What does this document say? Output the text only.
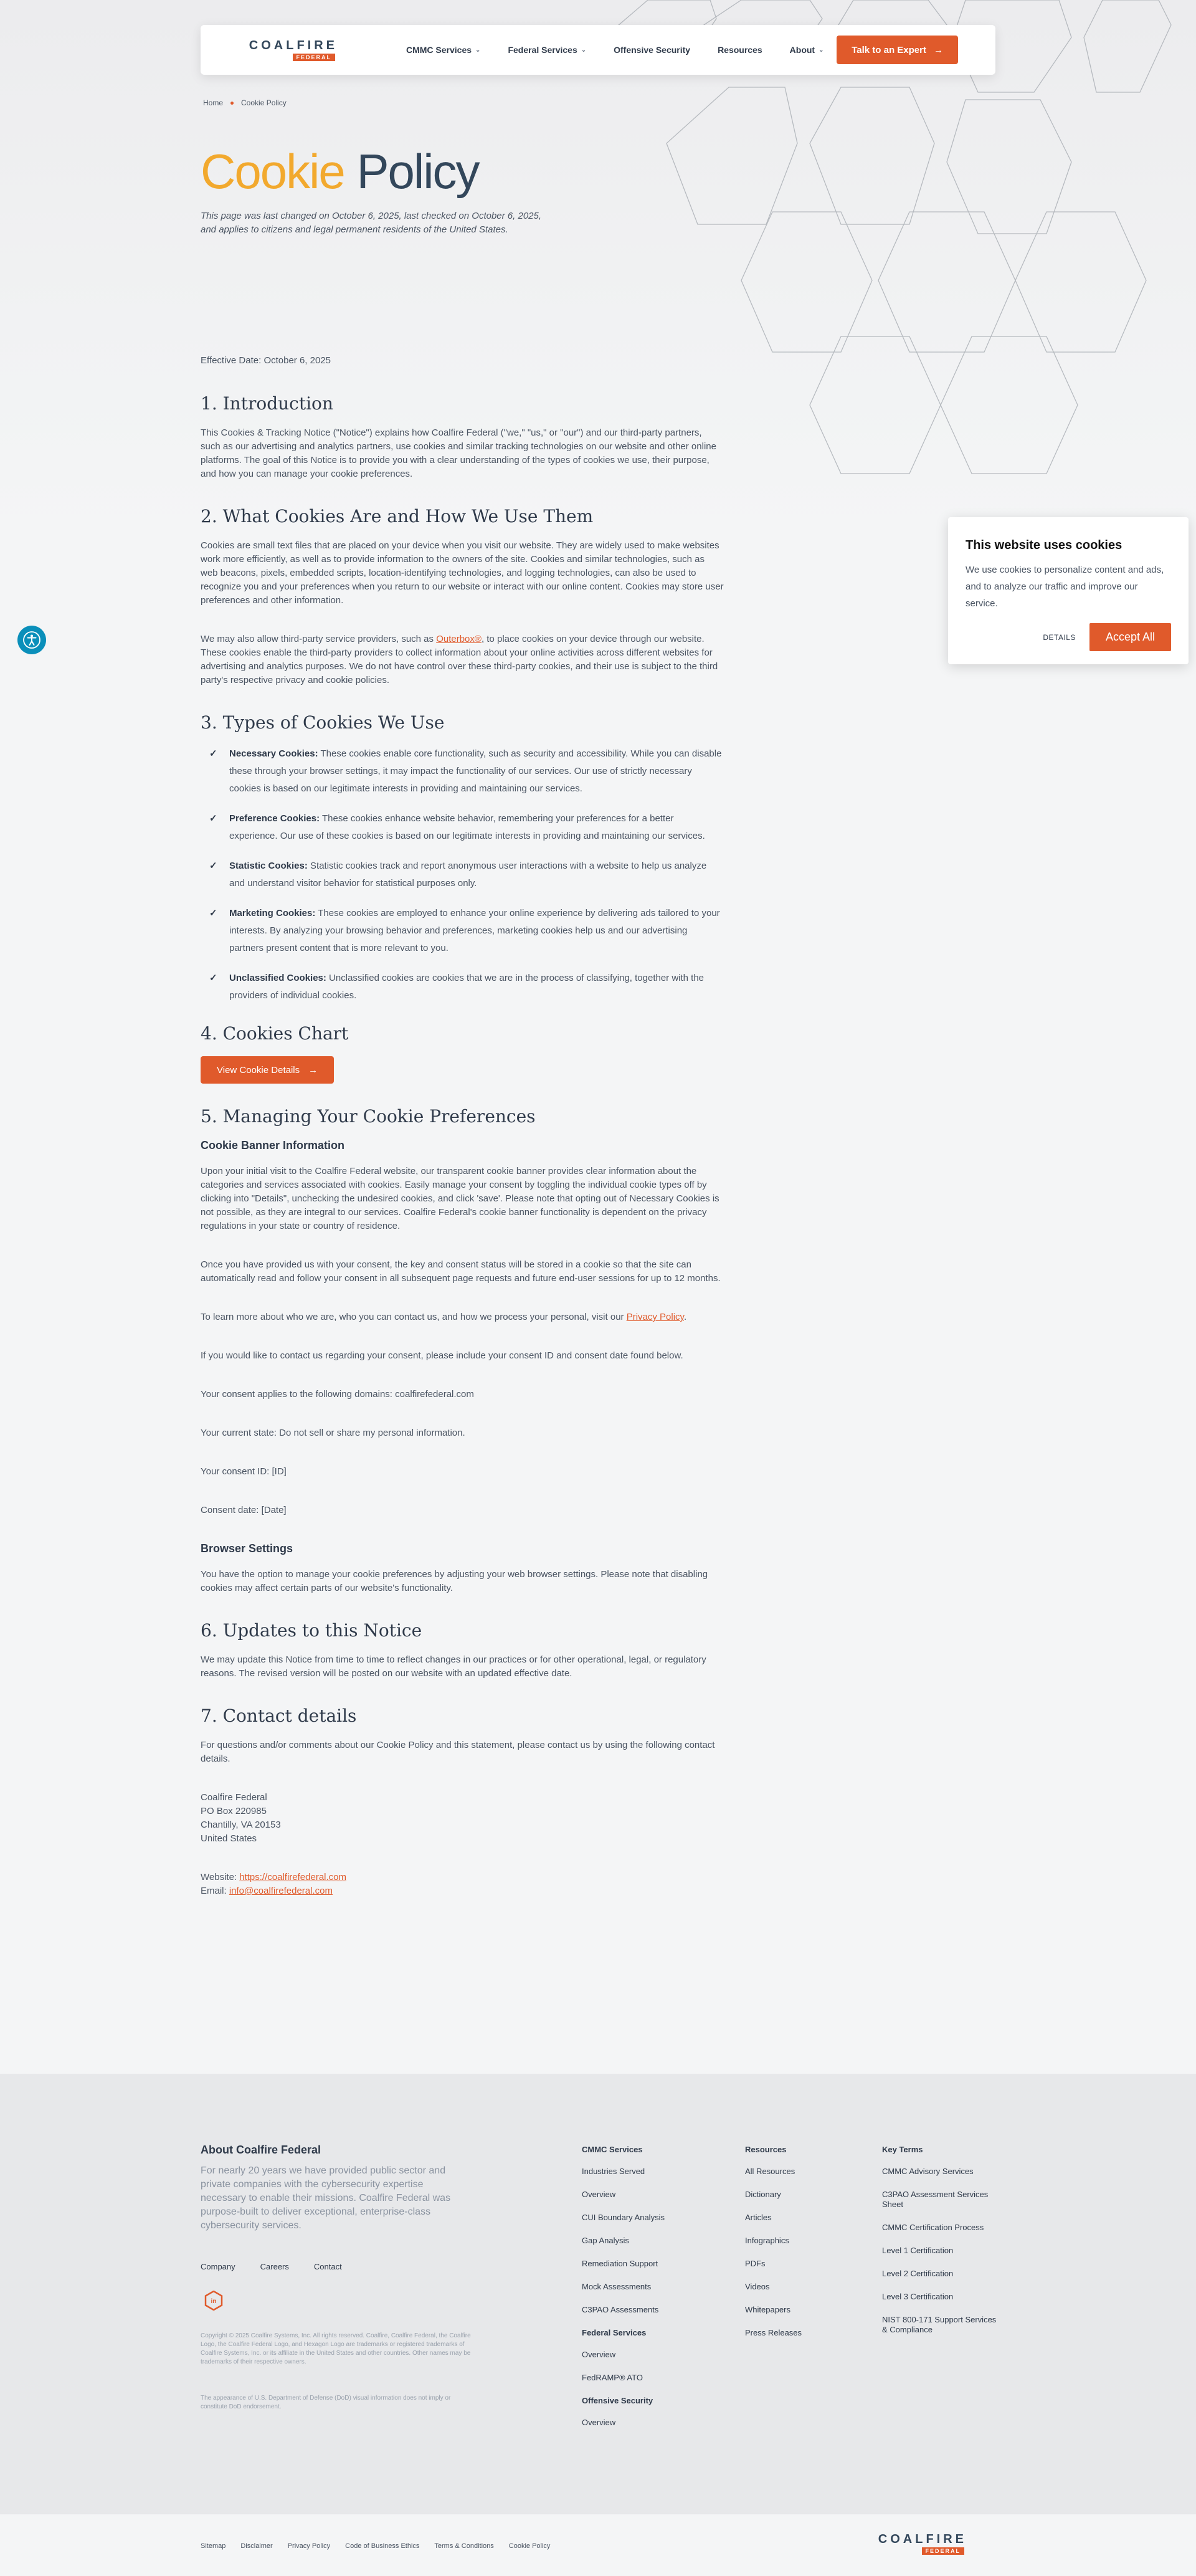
COALFIRE
FEDERAL
CMMC Services ⌄	Federal Services ⌄	Offensive Security	Resources	About ⌄	Talk to an Expert →
Home Cookie Policy
Cookie Policy

This page was last changed on October 6, 2025, last checked on October 6, 2025, and applies to citizens and legal permanent residents of the United States.

Effective Date: October 6, 2025

1. Introduction

This Cookies & Tracking Notice ("Notice") explains how Coalfire Federal ("we," "us," or "our") and our third-party partners, such as our advertising and analytics partners, use cookies and similar tracking technologies on our website and other online platforms. The goal of this Notice is to provide you with a clear understanding of the types of cookies we use, their purpose, and how you can manage your cookie preferences.

2. What Cookies Are and How We Use Them

Cookies are small text files that are placed on your device when you visit our website. They are widely used to make websites work more efficiently, as well as to provide information to the owners of the site. Cookies and similar technologies, such as web beacons, pixels, embedded scripts, location-identifying technologies, and logging technologies, can also be used to recognize you and your preferences when you return to our website or interact with our online content. Cookies may store user preferences and other information.

We may also allow third-party service providers, such as Outerbox®, to place cookies on your device through our website. These cookies enable the third-party providers to collect information about your online activities across different websites for advertising and analytics purposes. We do not have control over these third-party cookies, and their use is subject to the third party's respective privacy and cookie policies.

3. Types of Cookies We Use
✓ Necessary Cookies: These cookies enable core functionality, such as security and accessibility. While you can disable these through your browser settings, it may impact the functionality of our services. Our use of strictly necessary cookies is based on our legitimate interests in providing and maintaining our services.
✓ Preference Cookies: These cookies enhance website behavior, remembering your preferences for a better experience. Our use of these cookies is based on our legitimate interests in providing and maintaining our services.
✓ Statistic Cookies: Statistic cookies track and report anonymous user interactions with a website to help us analyze and understand visitor behavior for statistical purposes only.
✓ Marketing Cookies: These cookies are employed to enhance your online experience by delivering ads tailored to your interests. By analyzing your browsing behavior and preferences, marketing cookies help us and our advertising partners present content that is more relevant to you.
✓ Unclassified Cookies: Unclassified cookies are cookies that we are in the process of classifying, together with the providers of individual cookies.
4. Cookies Chart
View Cookie Details →
5. Managing Your Cookie Preferences

Cookie Banner Information

Upon your initial visit to the Coalfire Federal website, our transparent cookie banner provides clear information about the categories and services associated with cookies. Easily manage your consent by toggling the individual cookie types off by clicking into "Details", unchecking the undesired cookies, and click 'save'. Please note that opting out of Necessary Cookies is not possible, as they are integral to our services. Coalfire Federal's cookie banner functionality is dependent on the privacy regulations in your state or country of residence.

Once you have provided us with your consent, the key and consent status will be stored in a cookie so that the site can automatically read and follow your consent in all subsequent page requests and future end-user sessions for up to 12 months.

To learn more about who we are, who you can contact us, and how we process your personal, visit our Privacy Policy.

If you would like to contact us regarding your consent, please include your consent ID and consent date found below.

Your consent applies to the following domains: coalfirefederal.com

Your current state: Do not sell or share my personal information.

Your consent ID: [ID]

Consent date: [Date]

Browser Settings

You have the option to manage your cookie preferences by adjusting your web browser settings. Please note that disabling cookies may affect certain parts of our website's functionality.

6. Updates to this Notice

We may update this Notice from time to time to reflect changes in our practices or for other operational, legal, or regulatory reasons. The revised version will be posted on our website with an updated effective date.

7. Contact details

For questions and/or comments about our Cookie Policy and this statement, please contact us by using the following contact details.

Coalfire Federal
PO Box 220985
Chantilly, VA 20153
United States
Website: https://coalfirefederal.com
Email: info@coalfirefederal.com
This website uses cookies
We use cookies to personalize content and ads, and to analyze our traffic and improve our service.
DETAILS	Accept All
About Coalfire Federal

For nearly 20 years we have provided public sector and private companies with the cybersecurity expertise necessary to enable their missions. Coalfire Federal was purpose-built to deliver exceptional, enterprise-class cybersecurity services.

Company	Careers	Contact
in

Copyright © 2025 Coalfire Systems, Inc. All rights reserved. Coalfire, Coalfire Federal, the Coalfire Logo, the Coalfire Federal Logo, and Hexagon Logo are trademarks or registered trademarks of Coalfire Systems, Inc. or its affiliate in the United States and other countries. Other names may be trademarks of their respective owners.

The appearance of U.S. Department of Defense (DoD) visual information does not imply or constitute DoD endorsement.

CMMC Services
Industries Served
Overview
CUI Boundary Analysis
Gap Analysis
Remediation Support
Mock Assessments
C3PAO Assessments
Federal Services
Overview
FedRAMP® ATO
Offensive Security
Overview
Resources
All Resources
Dictionary
Articles
Infographics
PDFs
Videos
Whitepapers
Press Releases
Key Terms
CMMC Advisory Services
C3PAO Assessment Services Sheet
CMMC Certification Process
Level 1 Certification
Level 2 Certification
Level 3 Certification
NIST 800-171 Support Services & Compliance
Sitemap Disclaimer Privacy Policy Code of Business Ethics Terms & Conditions Cookie Policy	COALFIRE
FEDERAL
